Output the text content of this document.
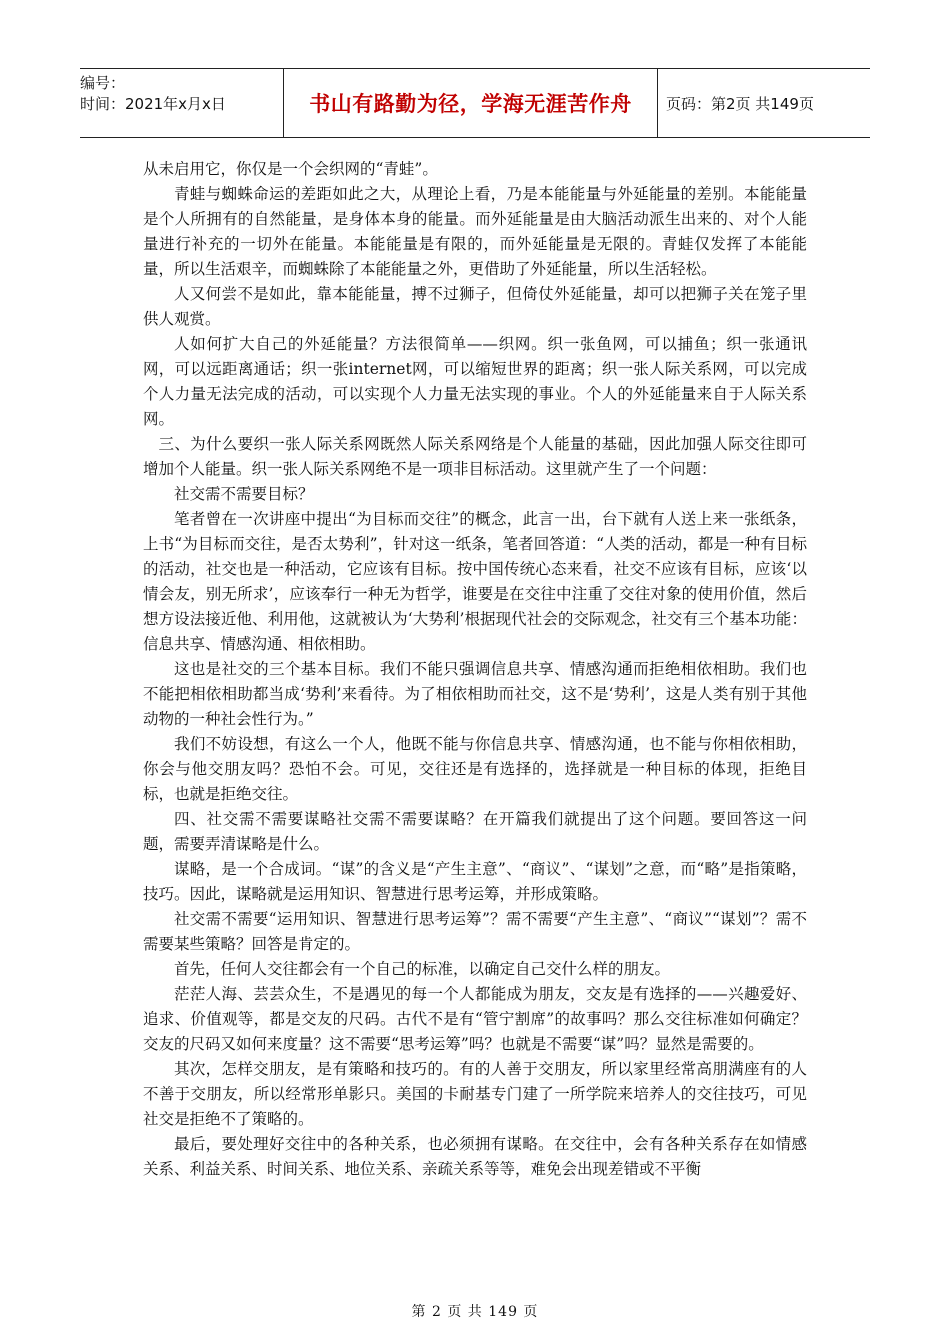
编号：
时间：2021年x月x日	书山有路勤为径，学海无涯苦作舟 页码：第2页 共149页

从未启用它，你仅是一个会织网的“青蛙”。

青蛙与蜘蛛命运的差距如此之大，从理论上看，乃是本能能量与外延能量的差别。本能能量是个人所拥有的自然能量，是身体本身的能量。而外延能量是由大脑活动派生出来的、对个人能量进行补充的一切外在能量。本能能量是有限的，而外延能量是无限的。青蛙仅发挥了本能能量，所以生活艰辛，而蜘蛛除了本能能量之外，更借助了外延能量，所以生活轻松。

人又何尝不是如此，靠本能能量，搏不过狮子，但倚仗外延能量，却可以把狮子关在笼子里供人观赏。

人如何扩大自己的外延能量？方法很简单——织网。织一张鱼网，可以捕鱼；织一张通讯网，可以远距离通话；织一张internet网，可以缩短世界的距离；织一张人际关系网，可以完成个人力量无法完成的活动，可以实现个人力量无法实现的事业。个人的外延能量来自于人际关系网。

三、为什么要织一张人际关系网既然人际关系网络是个人能量的基础，因此加强人际交往即可增加个人能量。织一张人际关系网绝不是一项非目标活动。这里就产生了一个问题：

社交需不需要目标？

笔者曾在一次讲座中提出“为目标而交往”的概念，此言一出，台下就有人送上来一张纸条，上书“为目标而交往，是否太势利”，针对这一纸条，笔者回答道：“人类的活动，都是一种有目标的活动，社交也是一种活动，它应该有目标。按中国传统心态来看，社交不应该有目标，应该‘以情会友，别无所求’，应该奉行一种无为哲学，谁要是在交往中注重了交往对象的使用价值，然后想方设法接近他、利用他，这就被认为‘大势利’根据现代社会的交际观念，社交有三个基本功能：信息共享、情感沟通、相依相助。

这也是社交的三个基本目标。我们不能只强调信息共享、情感沟通而拒绝相依相助。我们也不能把相依相助都当成‘势利’来看待。为了相依相助而社交，这不是‘势利’，这是人类有别于其他动物的一种社会性行为。”

我们不妨设想，有这么一个人，他既不能与你信息共享、情感沟通，也不能与你相依相助，你会与他交朋友吗？恐怕不会。可见，交往还是有选择的，选择就是一种目标的体现，拒绝目标，也就是拒绝交往。

四、社交需不需要谋略社交需不需要谋略？在开篇我们就提出了这个问题。要回答这一问题，需要弄清谋略是什么。

谋略，是一个合成词。“谋”的含义是“产生主意”、“商议”、“谋划”之意，而“略”是指策略，技巧。因此，谋略就是运用知识、智慧进行思考运筹，并形成策略。

社交需不需要“运用知识、智慧进行思考运筹”？需不需要“产生主意”、“商议”“谋划”？需不需要某些策略？回答是肯定的。

首先，任何人交往都会有一个自己的标准，以确定自己交什么样的朋友。

茫茫人海、芸芸众生，不是遇见的每一个人都能成为朋友，交友是有选择的——兴趣爱好、追求、价值观等，都是交友的尺码。古代不是有“管宁割席”的故事吗？那么交往标准如何确定？交友的尺码又如何来度量？这不需要“思考运筹”吗？也就是不需要“谋”吗？显然是需要的。

其次，怎样交朋友，是有策略和技巧的。有的人善于交朋友，所以家里经常高朋满座有的人不善于交朋友，所以经常形单影只。美国的卡耐基专门建了一所学院来培养人的交往技巧，可见社交是拒绝不了策略的。

最后，要处理好交往中的各种关系，也必须拥有谋略。在交往中，会有各种关系存在如情感关系、利益关系、时间关系、地位关系、亲疏关系等等，难免会出现差错或不平衡

第 2 页 共 149 页
